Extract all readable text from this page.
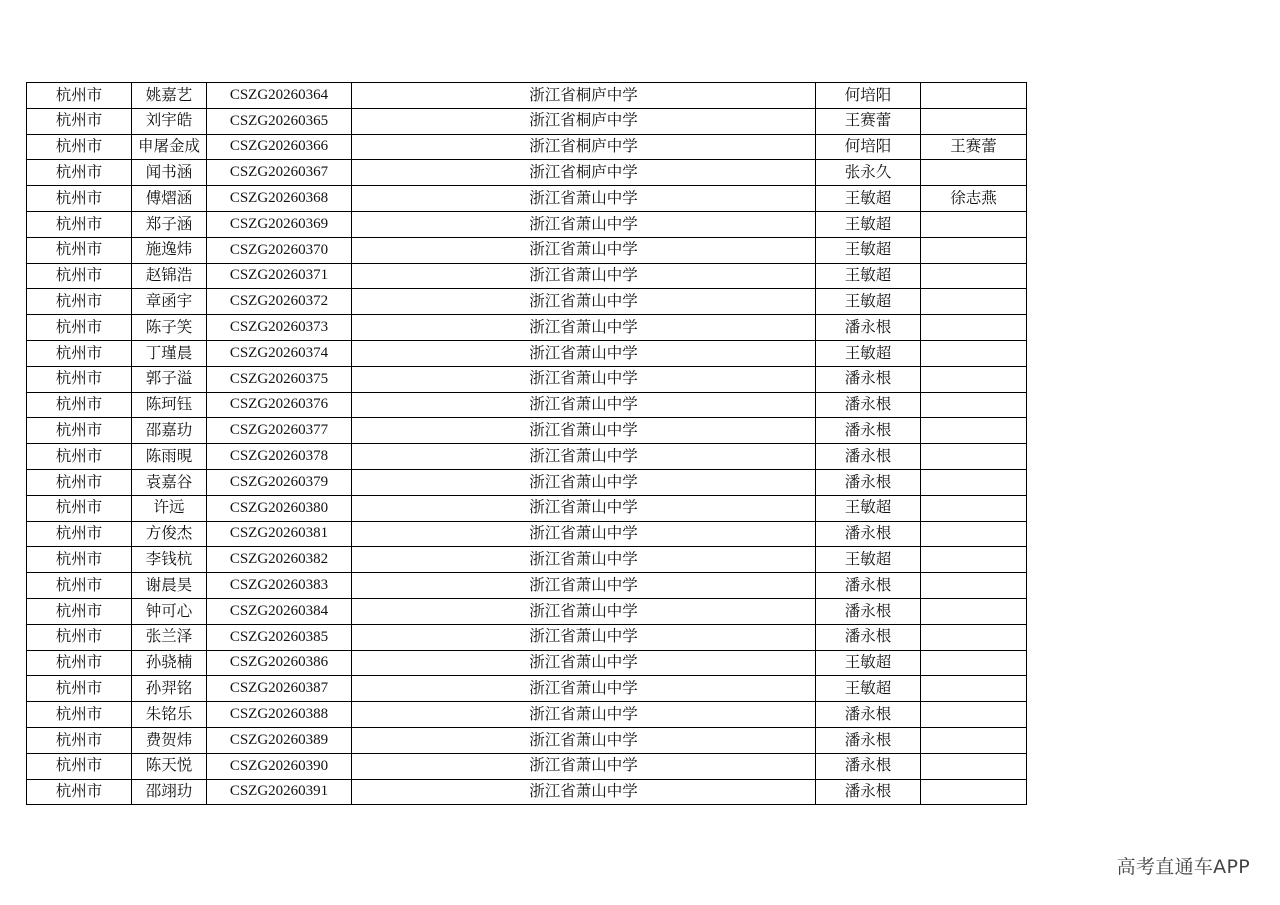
杭州市	姚嘉艺	CSZG20260364	浙江省桐庐中学	何培阳	
杭州市	刘宇皓	CSZG20260365	浙江省桐庐中学	王赛蕾	
杭州市	申屠金成	CSZG20260366	浙江省桐庐中学	何培阳	王赛蕾
杭州市	闻书涵	CSZG20260367	浙江省桐庐中学	张永久	
杭州市	傅熠涵	CSZG20260368	浙江省萧山中学	王敏超	徐志燕
杭州市	郑子涵	CSZG20260369	浙江省萧山中学	王敏超	
杭州市	施逸炜	CSZG20260370	浙江省萧山中学	王敏超	
杭州市	赵锦浩	CSZG20260371	浙江省萧山中学	王敏超	
杭州市	章函宇	CSZG20260372	浙江省萧山中学	王敏超	
杭州市	陈子笑	CSZG20260373	浙江省萧山中学	潘永根	
杭州市	丁瑾晨	CSZG20260374	浙江省萧山中学	王敏超	
杭州市	郭子溢	CSZG20260375	浙江省萧山中学	潘永根	
杭州市	陈珂钰	CSZG20260376	浙江省萧山中学	潘永根	
杭州市	邵嘉玏	CSZG20260377	浙江省萧山中学	潘永根	
杭州市	陈雨晛	CSZG20260378	浙江省萧山中学	潘永根	
杭州市	袁嘉谷	CSZG20260379	浙江省萧山中学	潘永根	
杭州市	许远	CSZG20260380	浙江省萧山中学	王敏超	
杭州市	方俊杰	CSZG20260381	浙江省萧山中学	潘永根	
杭州市	李钱杭	CSZG20260382	浙江省萧山中学	王敏超	
杭州市	谢晨昊	CSZG20260383	浙江省萧山中学	潘永根	
杭州市	钟可心	CSZG20260384	浙江省萧山中学	潘永根	
杭州市	张兰泽	CSZG20260385	浙江省萧山中学	潘永根	
杭州市	孙骁楠	CSZG20260386	浙江省萧山中学	王敏超	
杭州市	孙羿铭	CSZG20260387	浙江省萧山中学	王敏超	
杭州市	朱铭乐	CSZG20260388	浙江省萧山中学	潘永根	
杭州市	费贺炜	CSZG20260389	浙江省萧山中学	潘永根	
杭州市	陈天悦	CSZG20260390	浙江省萧山中学	潘永根	
杭州市	邵翊玏	CSZG20260391	浙江省萧山中学	潘永根	
高考直通车APP
